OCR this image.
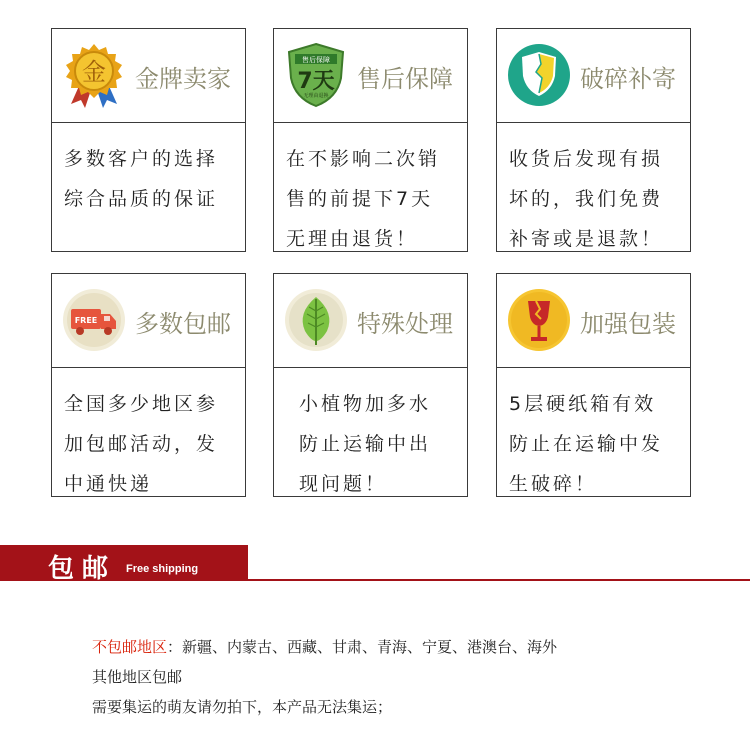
金 金牌卖家
多数客户的选择
综合品质的保证
售后保障
7天
无理由退换
售后保障
在不影响二次销
售的前提下7天
无理由退货！
破碎补寄
收货后发现有损
坏的，我们免费
补寄或是退款！
FREE 多数包邮
全国多少地区参
加包邮活动，发
中通快递
特殊处理
小植物加多水
防止运输中出
现问题！
加强包装
5层硬纸箱有效
防止在运输中发
生破碎！
包邮 Free shipping
不包邮地区：新疆、内蒙古、西藏、甘肃、青海、宁夏、港澳台、海外
其他地区包邮
需要集运的萌友请勿拍下，本产品无法集运；
